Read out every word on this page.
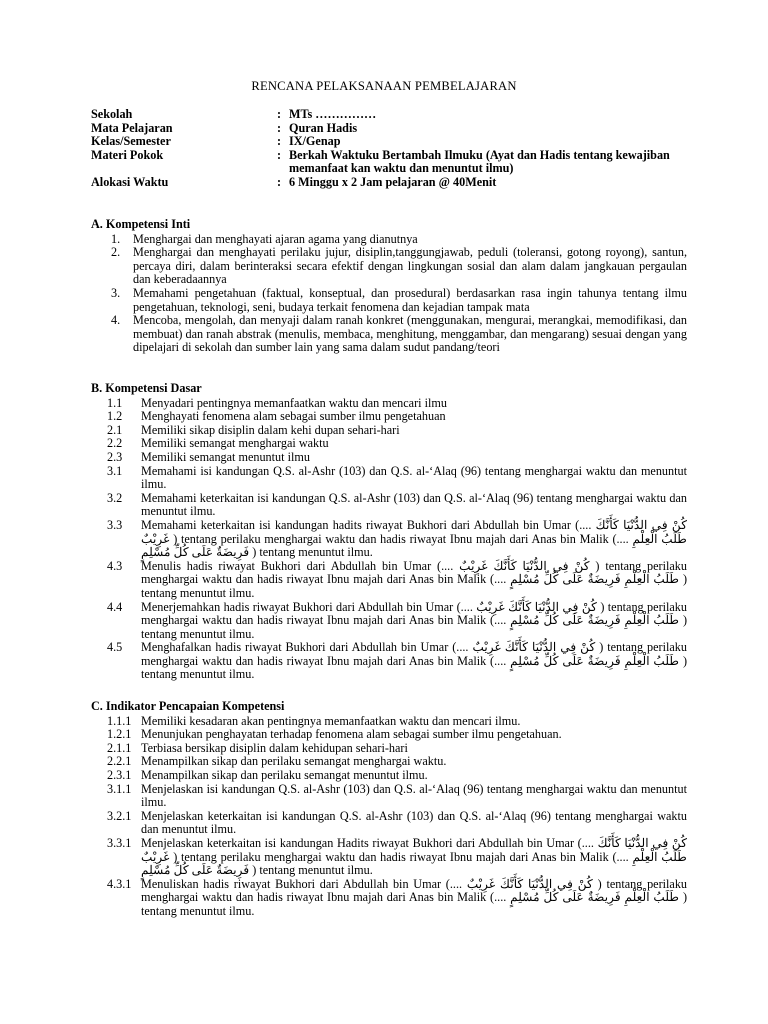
RENCANA PELAKSANAAN PEMBELAJARAN
Sekolah	: MTs ……………
Mata Pelajaran	: Quran Hadis
Kelas/Semester	: IX/Genap
Materi Pokok	: Berkah Waktuku Bertambah Ilmuku (Ayat dan Hadis tentang kewajiban memanfaat kan waktu dan menuntut ilmu)
Alokasi Waktu	: 6 Minggu x 2 Jam pelajaran @ 40Menit
A. Kompetensi Inti
1.	Menghargai dan menghayati ajaran agama yang dianutnya
2.	Menghargai dan menghayati perilaku jujur, disiplin,tanggungjawab, peduli (toleransi, gotong royong), santun, percaya diri, dalam berinteraksi secara efektif dengan lingkungan sosial dan alam dalam jangkauan pergaulan dan keberadaannya
3.	Memahami pengetahuan (faktual, konseptual, dan prosedural) berdasarkan rasa ingin tahunya tentang ilmu pengetahuan, teknologi, seni, budaya terkait fenomena dan kejadian tampak mata
4.	Mencoba, mengolah, dan menyaji dalam ranah konkret (menggunakan, mengurai, merangkai, memodifikasi, dan membuat) dan ranah abstrak (menulis, membaca, menghitung, menggambar, dan mengarang) sesuai dengan yang dipelajari di sekolah dan sumber lain yang sama dalam sudut pandang/teori
B. Kompetensi Dasar
1.1	Menyadari pentingnya memanfaatkan waktu dan mencari ilmu
1.2	Menghayati fenomena alam sebagai sumber ilmu pengetahuan
2.1	Memiliki sikap disiplin dalam kehi dupan sehari-hari
2.2	Memiliki semangat menghargai waktu
2.3	Memiliki semangat menuntut ilmu
3.1	Memahami isi kandungan Q.S. al-Ashr (103) dan Q.S. al-‘Alaq (96) tentang menghargai waktu dan menuntut ilmu.
3.2	Memahami keterkaitan isi kandungan Q.S. al-Ashr (103) dan Q.S. al-‘Alaq (96) tentang menghargai waktu dan menuntut ilmu.
3.3	Memahami keterkaitan isi kandungan hadits riwayat Bukhori dari Abdullah bin Umar (.... كُنْ فِي الدُّنْيَا كَأَنَّكَ غَرِيْبٌ ) tentang perilaku menghargai waktu dan hadis riwayat Ibnu majah dari Anas bin Malik (.... طَلَبُ الْعِلْمِ فَرِيضَةٌ عَلَى كُلِّ مُسْلِمٍ ) tentang menuntut ilmu.
4.3	Menulis hadis riwayat Bukhori dari Abdullah bin Umar (.... كُنْ فِي الدُّنْيَا كَأَنَّكَ غَرِيْبٌ ) tentang perilaku menghargai waktu dan hadis riwayat Ibnu majah dari Anas bin Malik (.... طَلَبُ الْعِلْمِ فَرِيضَةٌ عَلَى كُلِّ مُسْلِمٍ ) tentang menuntut ilmu.
4.4	Menerjemahkan hadis riwayat Bukhori dari Abdullah bin Umar (.... كُنْ فِي الدُّنْيَا كَأَنَّكَ غَرِيْبٌ ) tentang perilaku menghargai waktu dan hadis riwayat Ibnu majah dari Anas bin Malik (.... طَلَبُ الْعِلْمِ فَرِيضَةٌ عَلَى كُلِّ مُسْلِمٍ ) tentang menuntut ilmu.
4.5	Menghafalkan hadis riwayat Bukhori dari Abdullah bin Umar (.... كُنْ فِي الدُّنْيَا كَأَنَّكَ غَرِيْبٌ ) tentang perilaku menghargai waktu dan hadis riwayat Ibnu majah dari Anas bin Malik (.... طَلَبُ الْعِلْمِ فَرِيضَةٌ عَلَى كُلِّ مُسْلِمٍ ) tentang menuntut ilmu.
C. Indikator Pencapaian Kompetensi
1.1.1 Memiliki kesadaran akan pentingnya memanfaatkan waktu dan mencari ilmu.
1.2.1 Menunjukan penghayatan terhadap fenomena alam sebagai sumber ilmu pengetahuan.
2.1.1 Terbiasa bersikap disiplin dalam kehidupan sehari-hari
2.2.1 Menampilkan sikap dan perilaku semangat menghargai waktu.
2.3.1 Menampilkan sikap dan perilaku semangat menuntut ilmu.
3.1.1 Menjelaskan isi kandungan Q.S. al-Ashr (103) dan Q.S. al-‘Alaq (96) tentang menghargai waktu dan menuntut ilmu.
3.2.1 Menjelaskan keterkaitan isi kandungan Q.S. al-Ashr (103) dan Q.S. al-‘Alaq (96) tentang menghargai waktu dan menuntut ilmu.
3.3.1 Menjelaskan keterkaitan isi kandungan Hadits riwayat Bukhori dari Abdullah bin Umar (.... كُنْ فِي الدُّنْيَا كَأَنَّكَ غَرِيْبٌ ) tentang perilaku menghargai waktu dan hadis riwayat Ibnu majah dari Anas bin Malik (.... طَلَبُ الْعِلْمِ فَرِيضَةٌ عَلَى كُلِّ مُسْلِمٍ ) tentang menuntut ilmu.
4.3.1 Menuliskan hadis riwayat Bukhori dari Abdullah bin Umar (.... كُنْ فِي الدُّنْيَا كَأَنَّكَ غَرِيْبٌ ) tentang perilaku menghargai waktu dan hadis riwayat Ibnu majah dari Anas bin Malik (.... طَلَبُ الْعِلْمِ فَرِيضَةٌ عَلَى كُلِّ مُسْلِمٍ ) tentang menuntut ilmu.
